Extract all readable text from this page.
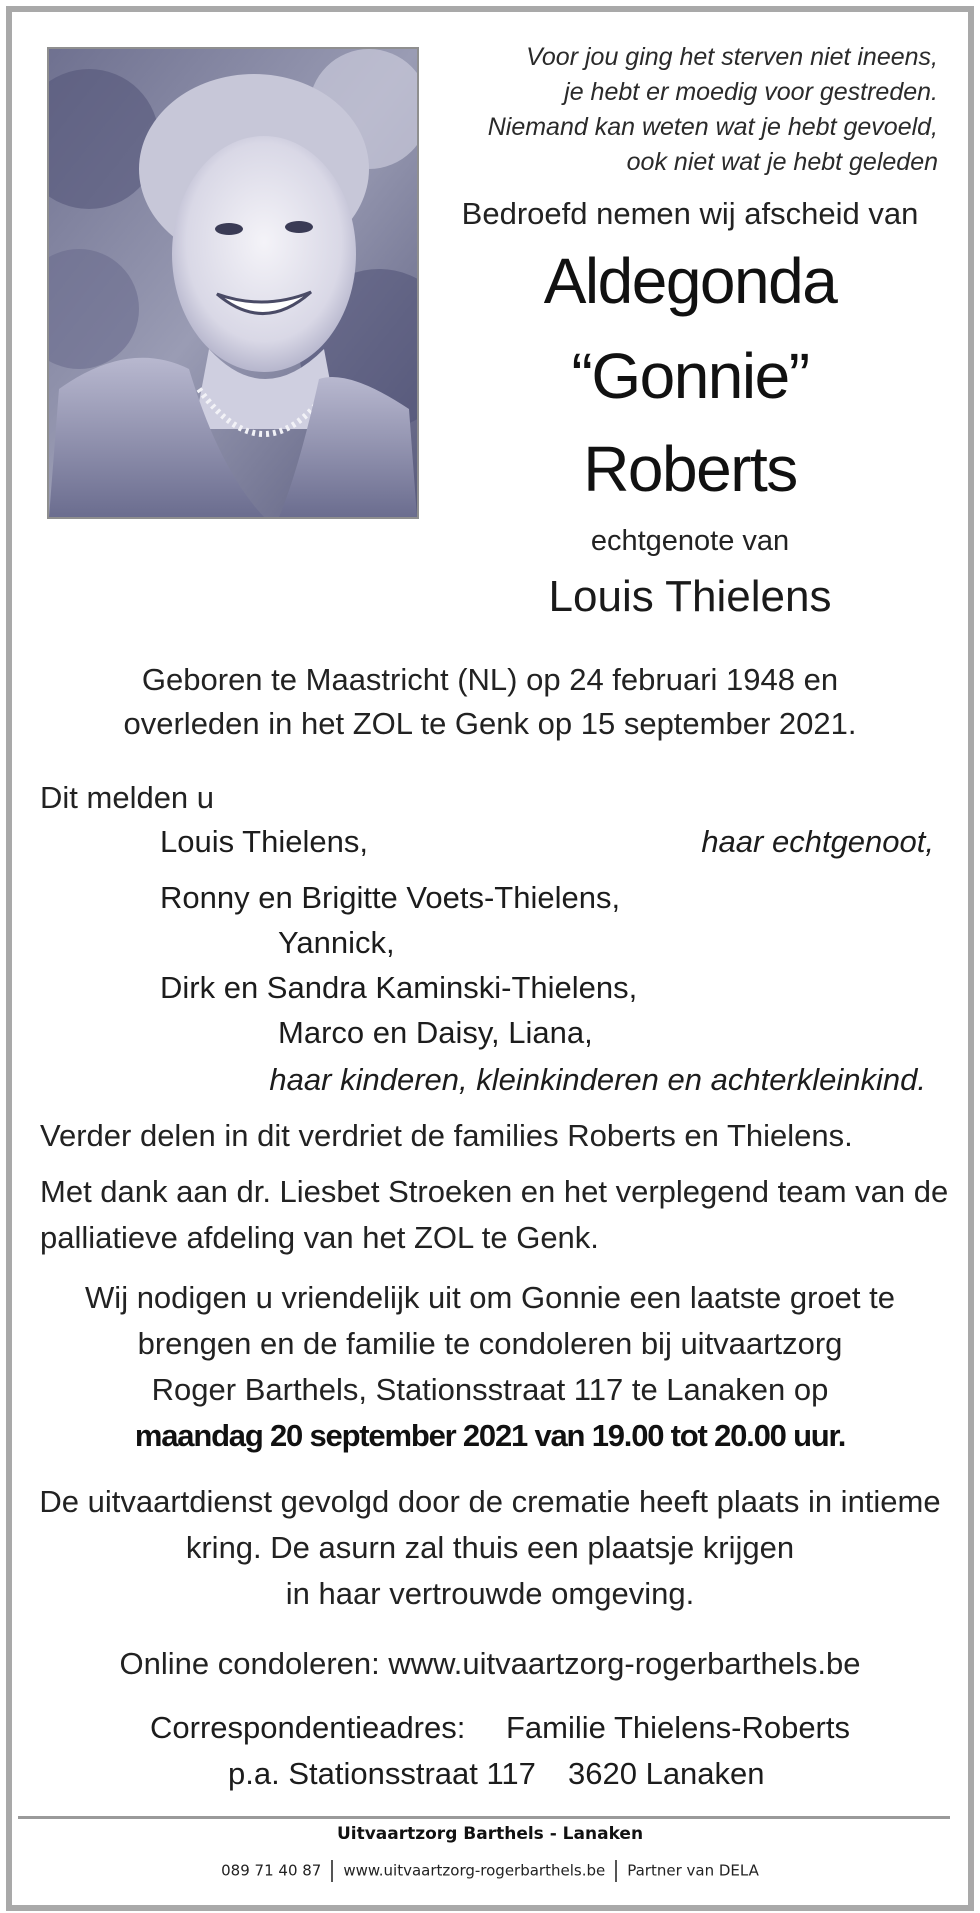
Voor jou ging het sterven niet ineens,
je hebt er moedig voor gestreden.
Niemand kan weten wat je hebt gevoeld,
ook niet wat je hebt geleden
Bedroefd nemen wij afscheid van
Aldegonda
“Gonnie”
Roberts
echtgenote van
Louis Thielens
Geboren te Maastricht (NL) op 24 februari 1948 en
overleden in het ZOL te Genk op 15 september 2021.
Dit melden u
Louis Thielens,	haar echtgenoot,
Ronny en Brigitte Voets-Thielens,
Yannick,
Dirk en Sandra Kaminski-Thielens,
Marco en Daisy, Liana,
haar kinderen, kleinkinderen en achterkleinkind.
Verder delen in dit verdriet de families Roberts en Thielens.
Met dank aan dr. Liesbet Stroeken en het verplegend team van de
palliatieve afdeling van het ZOL te Genk.
Wij nodigen u vriendelijk uit om Gonnie een laatste groet te
brengen en de familie te condoleren bij uitvaartzorg
Roger Barthels, Stationsstraat 117 te Lanaken op
maandag 20 september 2021 van 19.00 tot 20.00 uur.
De uitvaartdienst gevolgd door de crematie heeft plaats in intieme
kring. De asurn zal thuis een plaatsje krijgen
in haar vertrouwde omgeving.
Online condoleren: www.uitvaartzorg-rogerbarthels.be
Correspondentieadres: Familie Thielens-Roberts
p.a. Stationsstraat 117 3620 Lanaken
Uitvaartzorg Barthels - Lanaken
089 71 40 87 www.uitvaartzorg-rogerbarthels.be Partner van DELA
